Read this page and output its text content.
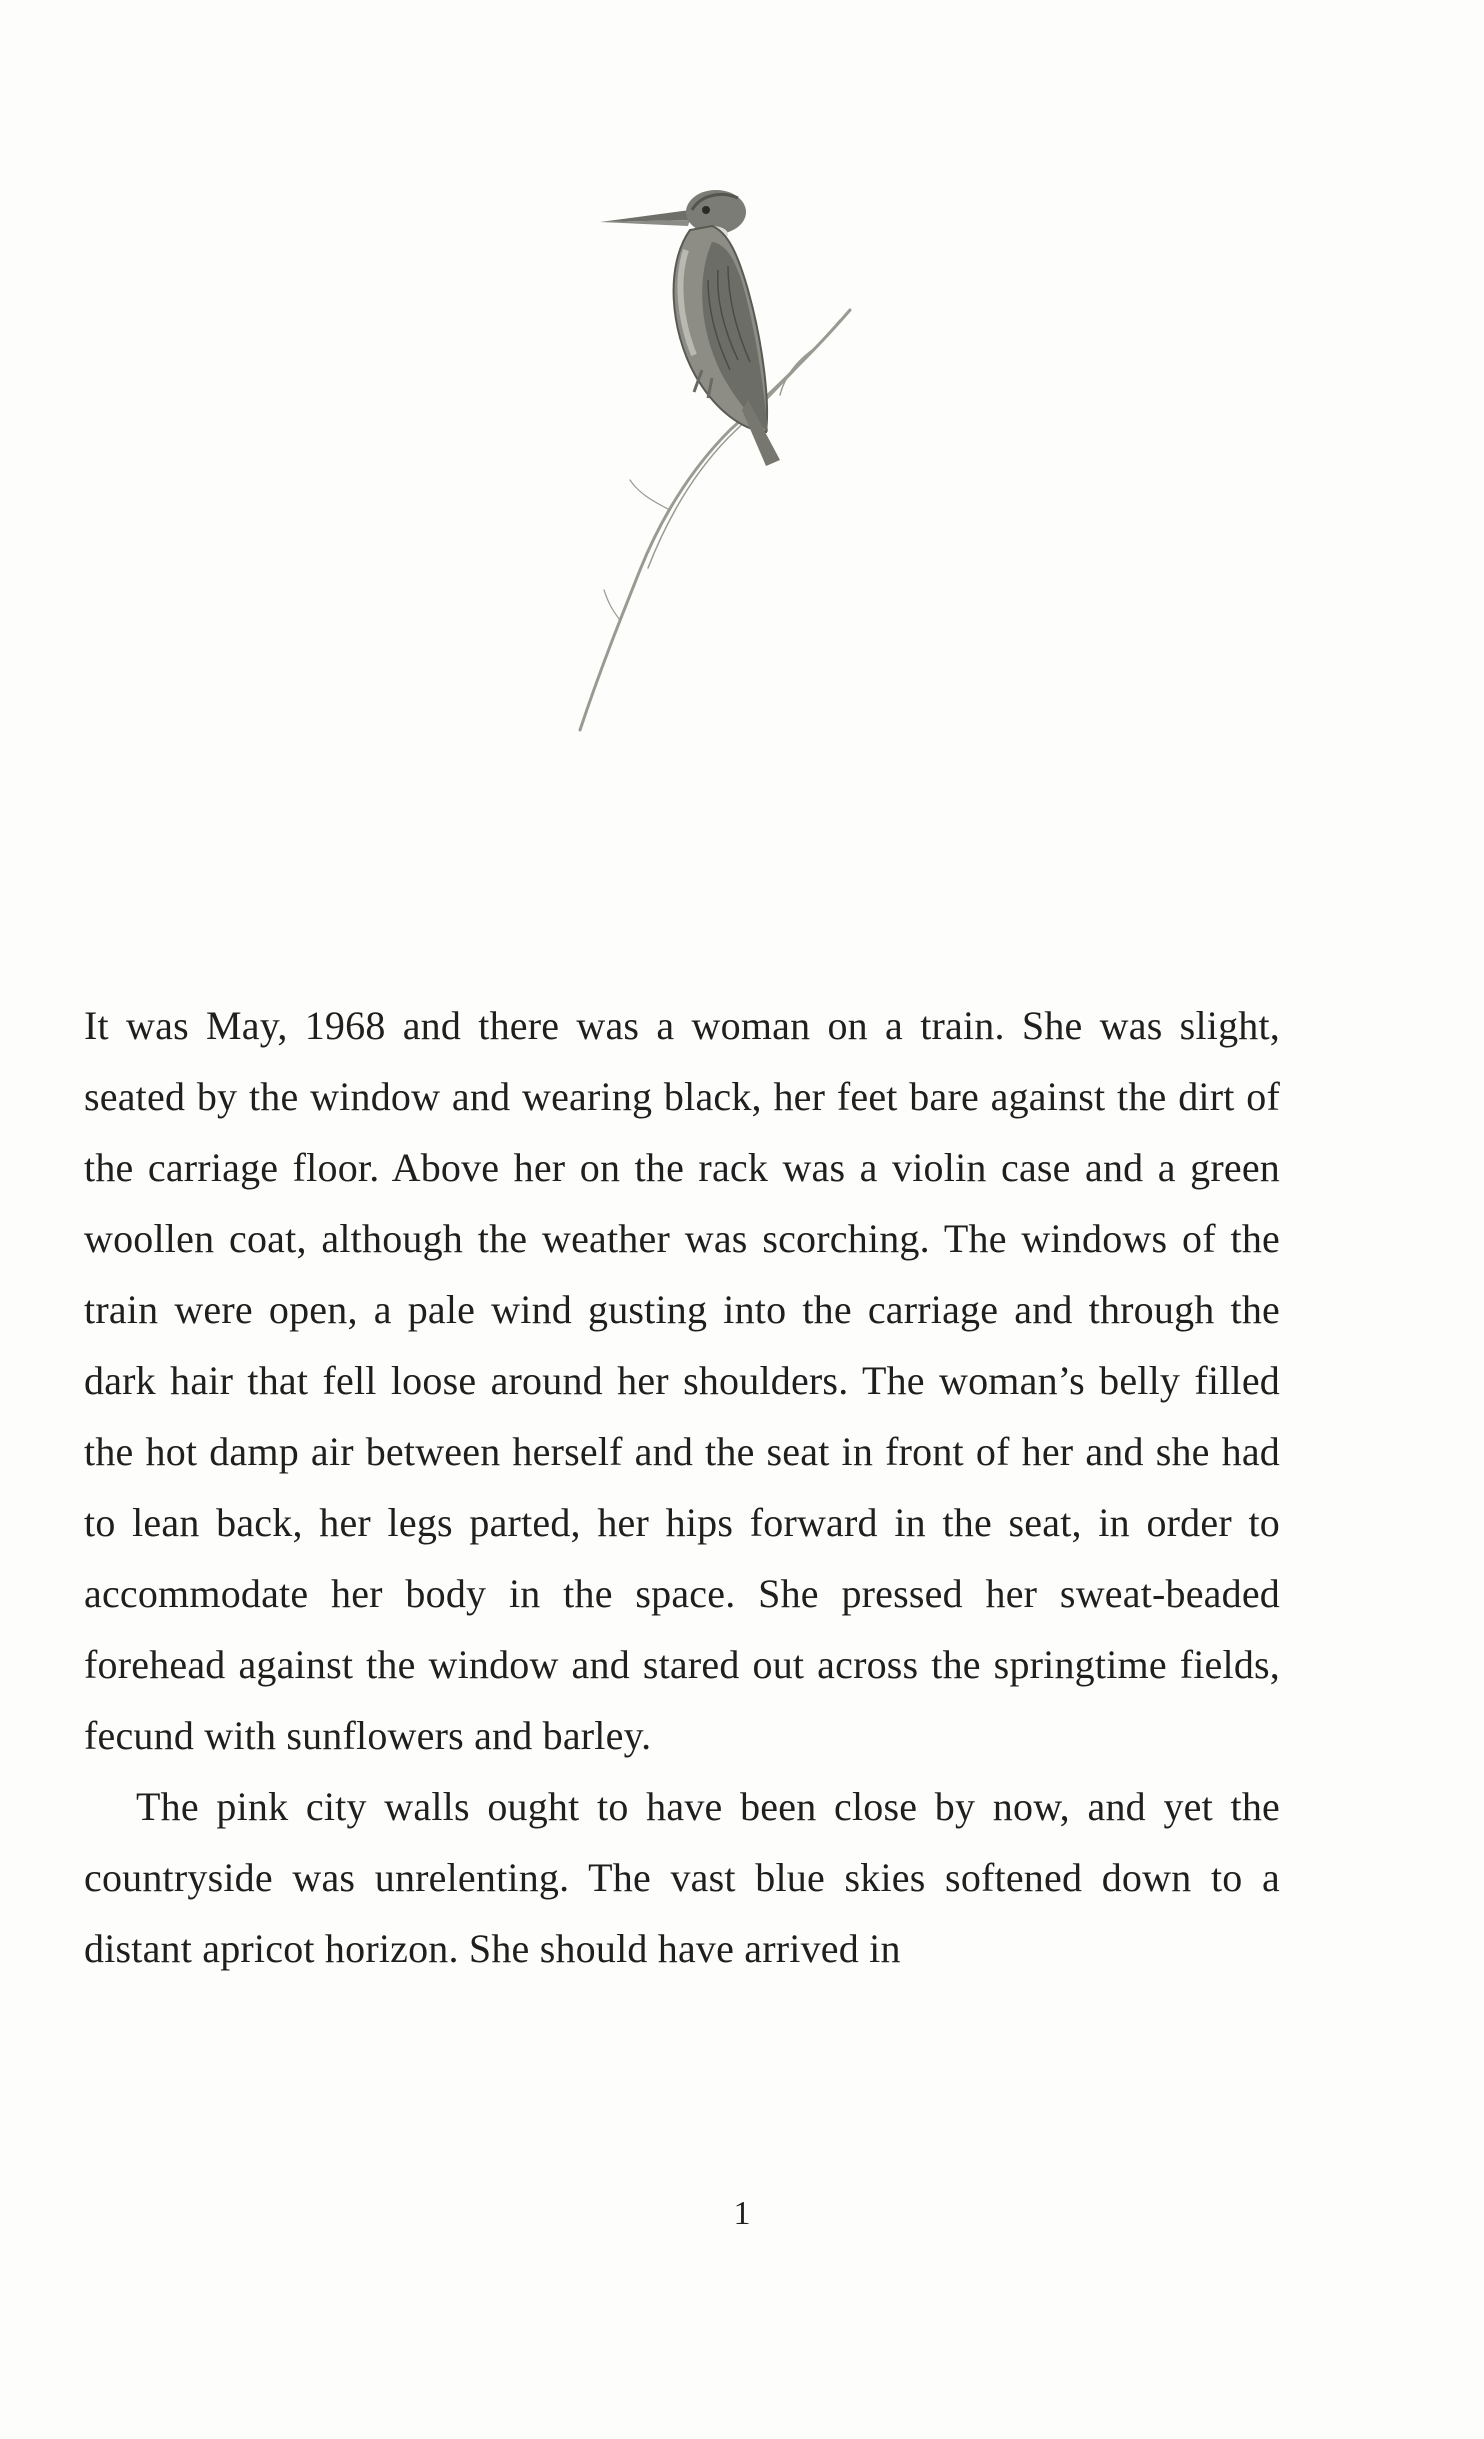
It was May, 1968 and there was a woman on a train. She was slight, seated by the window and wearing black, her feet bare against the dirt of the carriage floor. Above her on the rack was a violin case and a green woollen coat, although the weather was scorching. The windows of the train were open, a pale wind gusting into the carriage and through the dark hair that fell loose around her shoulders. The woman’s belly filled the hot damp air between herself and the seat in front of her and she had to lean back, her legs parted, her hips forward in the seat, in order to accommodate her body in the space. She pressed her sweat-beaded forehead against the window and stared out across the springtime fields, fecund with sunflowers and barley.

The pink city walls ought to have been close by now, and yet the countryside was unrelenting. The vast blue skies softened down to a distant apricot horizon. She should have arrived in

1
